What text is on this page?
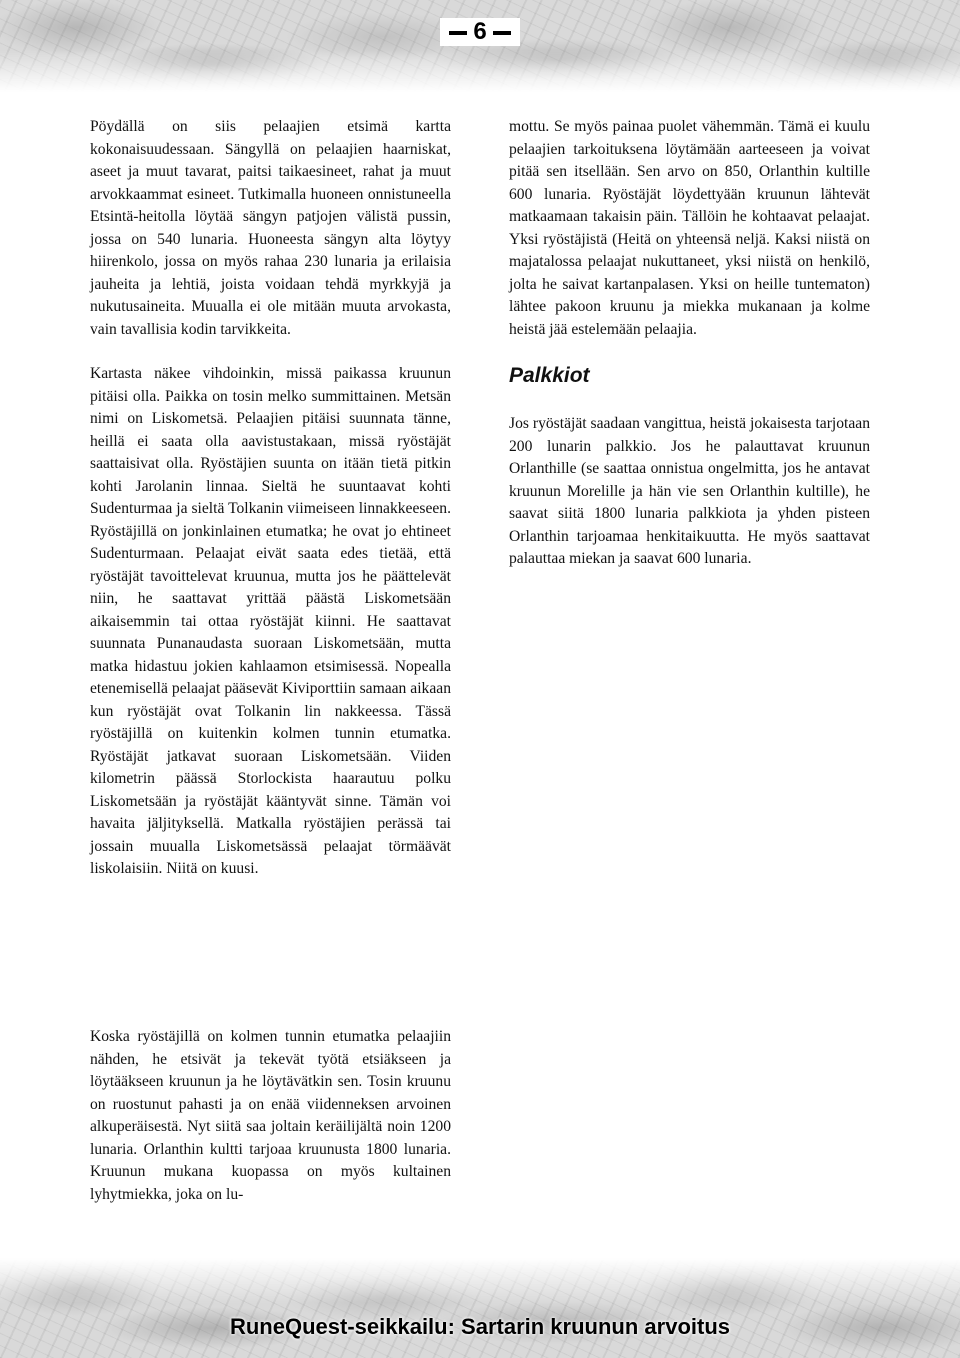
6

Pöydällä on siis pelaajien etsimä kartta kokonaisuudessaan. Sängyllä on pelaajien haarniskat, aseet ja muut tavarat, paitsi taikaesineet, rahat ja muut arvokkaammat esineet. Tutkimalla huoneen onnistuneella Etsintä-heitolla löytää sängyn patjojen välistä pussin, jossa on 540 lunaria. Huoneesta sängyn alta löytyy hiirenkolo, jossa on myös rahaa 230 lunaria ja erilaisia jauheita ja lehtiä, joista voidaan tehdä myrkkyjä ja nukutusaineita. Muualla ei ole mitään muuta arvokasta, vain tavallisia kodin tarvikkeita.

Kartasta näkee vihdoinkin, missä paikassa kruunun pitäisi olla. Paikka on tosin melko summittainen. Metsän nimi on Liskometsä. Pelaajien pitäisi suunnata tänne, heillä ei saata olla aavistustakaan, missä ryöstäjät saattaisivat olla. Ryöstäjien suunta on itään tietä pitkin kohti Jarolanin linnaa. Sieltä he suuntaavat kohti Sudenturmaa ja sieltä Tolkanin viimeiseen linnakkeeseen. Ryöstäjillä on jonkinlainen etumatka; he ovat jo ehtineet Sudenturmaan. Pelaajat eivät saata edes tietää, että ryöstäjät tavoittelevat kruunua, mutta jos he päättelevät niin, he saattavat yrittää päästä Liskometsään aikaisemmin tai ottaa ryöstäjät kiinni. He saattavat suunnata Punanaudasta suoraan Liskometsään, mutta matka hidastuu jokien kahlaamon etsimisessä. Nopealla etenemisellä pelaajat pääsevät Kiviporttiin samaan aikaan kun ryöstäjät ovat Tolkanin lin nakkeessa. Tässä ryöstäjillä on kuitenkin kolmen tunnin etumatka. Ryöstäjät jatkavat suoraan Liskometsään. Viiden kilometrin päässä Storlockista haarautuu polku Liskometsään ja ryöstäjät kääntyvät sinne. Tämän voi havaita jäljityksellä. Matkalla ryöstäjien perässä tai jossain muualla Liskometsässä pelaajat törmäävät liskolaisiin. Niitä on kuusi.

Koska ryöstäjillä on kolmen tunnin etumatka pelaajiin nähden, he etsivät ja tekevät työtä etsiäkseen ja löytääkseen kruunun ja he löytävätkin sen. Tosin kruunu on ruostunut pahasti ja on enää viidenneksen arvoinen alkuperäisestä. Nyt siitä saa joltain keräilijältä noin 1200 lunaria. Orlanthin kultti tarjoaa kruunusta 1800 lunaria. Kruunun mukana kuopassa on myös kultainen lyhytmiekka, joka on lu-

mottu. Se myös painaa puolet vähemmän. Tämä ei kuulu pelaajien tarkoituksena löytämään aarteeseen ja voivat pitää sen itsellään. Sen arvo on 850, Orlanthin kultille 600 lunaria. Ryöstäjät löydettyään kruunun lähtevät matkaamaan takaisin päin. Tällöin he kohtaavat pelaajat. Yksi ryöstäjistä (Heitä on yhteensä neljä. Kaksi niistä on majatalossa pelaajat nukuttaneet, yksi niistä on henkilö, jolta he saivat kartanpalasen. Yksi on heille tuntematon) lähtee pakoon kruunu ja miekka mukanaan ja kolme heistä jää estelemään pelaajia.

Palkkiot

Jos ryöstäjät saadaan vangittua, heistä jokaisesta tarjotaan 200 lunarin palkkio. Jos he palauttavat kruunun Orlanthille (se saattaa onnistua ongelmitta, jos he antavat kruunun Morelille ja hän vie sen Orlanthin kultille), he saavat siitä 1800 lunaria palkkiota ja yhden pisteen Orlanthin tarjoamaa henkitaikuutta. He myös saattavat palauttaa miekan ja saavat 600 lunaria.

RuneQuest-seikkailu: Sartarin kruunun arvoitus
